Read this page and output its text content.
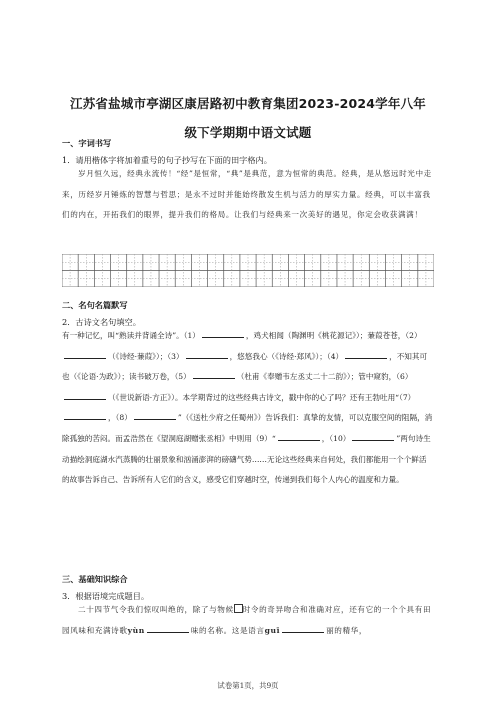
江苏省盐城市亭湖区康居路初中教育集团2023-2024学年八年
级下学期期中语文试题
一、字词书写
1．请用楷体字将加着重号的句子抄写在下面的田字格内。
岁月恒久远，经典永流传！“经”是恒常，“典”是典范，意为恒常的典范。经典，是从悠远时光中走来，历经岁月锤炼的智慧与哲思；是永不过时并能始终散发生机与活力的厚实力量。经典，可以丰富我们的内在，开拓我们的眼界，提升我们的格局。让我们与经典来一次美好的遇见，你定会收获满满！
二、名句名篇默写
2．古诗文名句填空。
有一种记忆，叫“熟读并背诵全诗”。（1）	，鸡犬相闻（陶渊明《桃花源记》）；蒹葭苍苍，（2）（《诗经·蒹葭》）；（3）	，悠悠我心（《诗经·郑风》）；（4）	，不知其可也（《论语·为政》）；读书破万卷，（5）	（杜甫《奉赠韦左丞丈二十二韵》）；管中窥豹，（6）（《世说新语·方正》）。本学期背过的这些经典古诗文，戳中你的心了吗？还有王勃吐用“（7），（8）	”（《送杜少府之任蜀州》）告诉我们：真挚的友情，可以克服空间的阻隔，消除孤独的苦闷。而孟浩然在《望洞庭湖赠张丞相》中则用（9）“	，（10）	”两句诗生动描绘洞庭湖水汽蒸腾的壮丽景象和汹涌澎湃的磅礴气势……无论这些经典来自何处，我们都能用一个个鲜活的故事告诉自己、告诉所有人它们的含义，感受它们穿越时空，传递到我们每个人内心的温度和力量。
三、基础知识综合
3．根据语境完成题目。
二十四节气令我们惊叹叫绝的，除了与物候 时令的奇异吻合和准确对应，还有它的一个个具有田园风味和充满诗歌yùn	味的名称。这是语言guī	丽的精华，
试卷第1页，共9页
